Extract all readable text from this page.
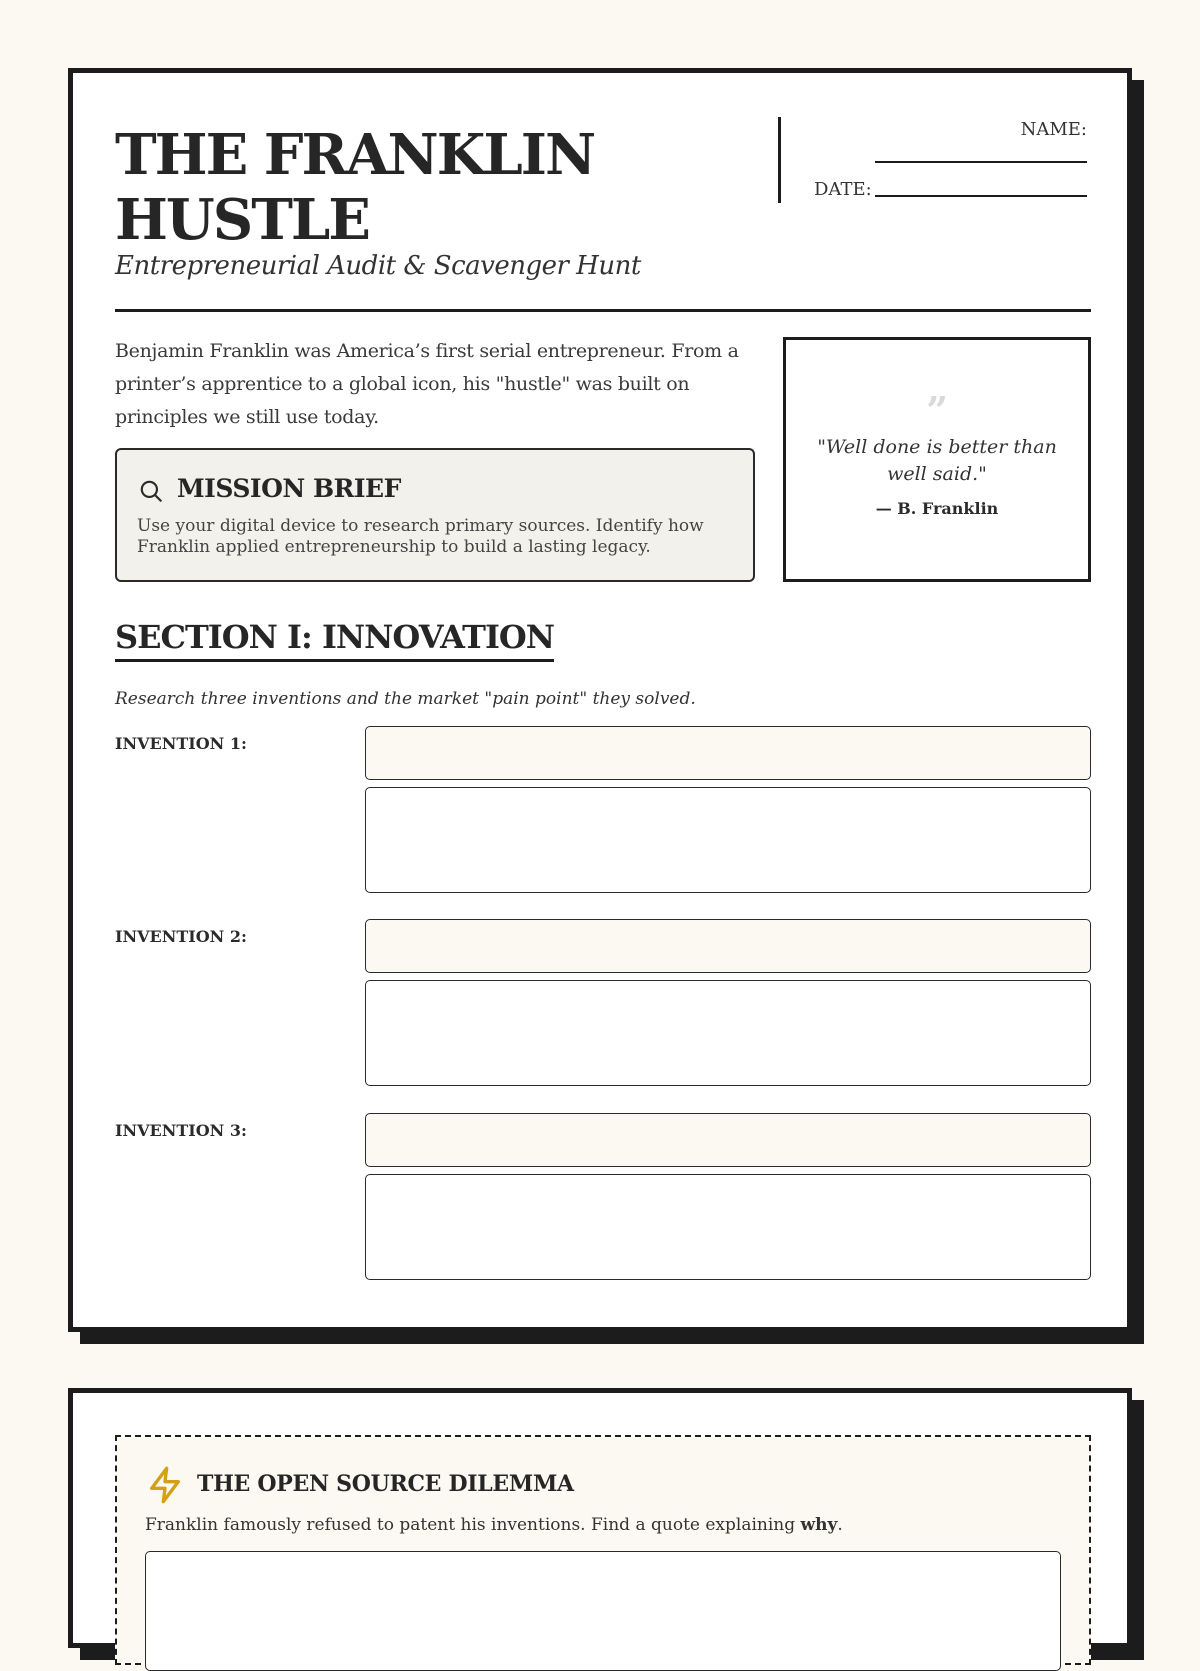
THE FRANKLIN
HUSTLE

Entrepreneurial Audit & Scavenger Hunt

NAME:
DATE:

Benjamin Franklin was America’s first serial entrepreneur. From a printer’s apprentice to a global icon, his "hustle" was built on principles we still use today.

MISSION BRIEF

Use your digital device to research primary sources. Identify how Franklin applied entrepreneurship to build a lasting legacy.

”

"Well done is better than well said."

— B. Franklin
SECTION I: INNOVATION

Research three inventions and the market "pain point" they solved.

INVENTION 1:
INVENTION 2:
INVENTION 3:
THE OPEN SOURCE DILEMMA

Franklin famously refused to patent his inventions. Find a quote explaining why.
